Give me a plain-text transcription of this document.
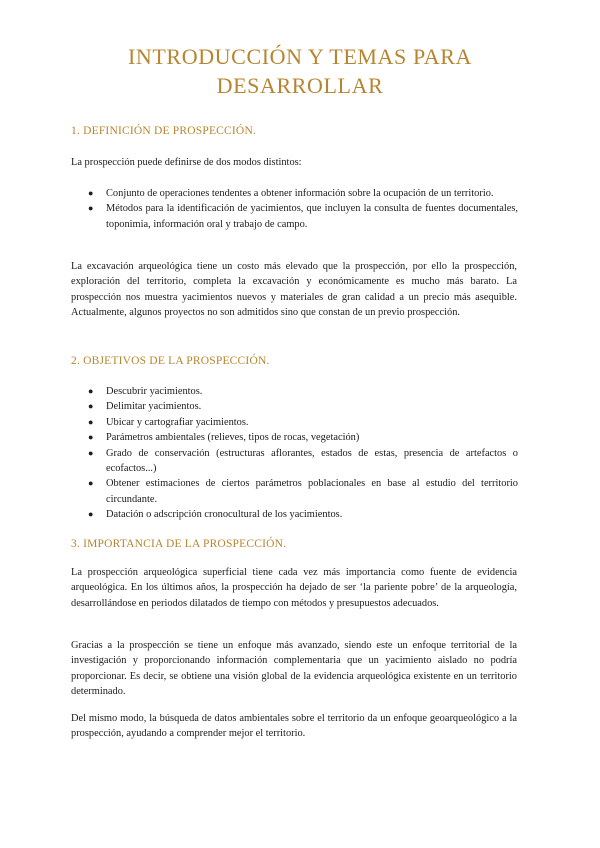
INTRODUCCIÓN Y TEMAS PARA DESARROLLAR
1. DEFINICIÓN DE PROSPECCIÓN.

La prospección puede definirse de dos modos distintos:

● Conjunto de operaciones tendentes a obtener información sobre la ocupación de un territorio.
● Métodos para la identificación de yacimientos, que incluyen la consulta de fuentes documentales, toponimia, información oral y trabajo de campo.

La excavación arqueológica tiene un costo más elevado que la prospección, por ello la prospección, exploración del territorio, completa la excavación y económicamente es mucho más barato. La prospección nos muestra yacimientos nuevos y materiales de gran calidad a un precio más asequible. Actualmente, algunos proyectos no son admitidos sino que constan de un previo prospección.

2. OBJETIVOS DE LA PROSPECCIÓN.
● Descubrir yacimientos.
● Delimitar yacimientos.
● Ubicar y cartografiar yacimientos.
● Parámetros ambientales (relieves, tipos de rocas, vegetación)
● Grado de conservación (estructuras aflorantes, estados de estas, presencia de artefactos o ecofactos...)
● Obtener estimaciones de ciertos parámetros poblacionales en base al estudio del territorio circundante.
● Datación o adscripción cronocultural de los yacimientos.
3. IMPORTANCIA DE LA PROSPECCIÓN.

La prospección arqueológica superficial tiene cada vez más importancia como fuente de evidencia arqueológica. En los últimos años, la prospección ha dejado de ser ‘la pariente pobre’ de la arqueología, desarrollándose en periodos dilatados de tiempo con métodos y presupuestos adecuados.

Gracias a la prospección se tiene un enfoque más avanzado, siendo este un enfoque territorial de la investigación y proporcionando información complementaria que un yacimiento aislado no podría proporcionar. Es decir, se obtiene una visión global de la evidencia arqueológica existente en un territorio determinado.

Del mismo modo, la búsqueda de datos ambientales sobre el territorio da un enfoque geoarqueológico a la prospección, ayudando a comprender mejor el territorio.
